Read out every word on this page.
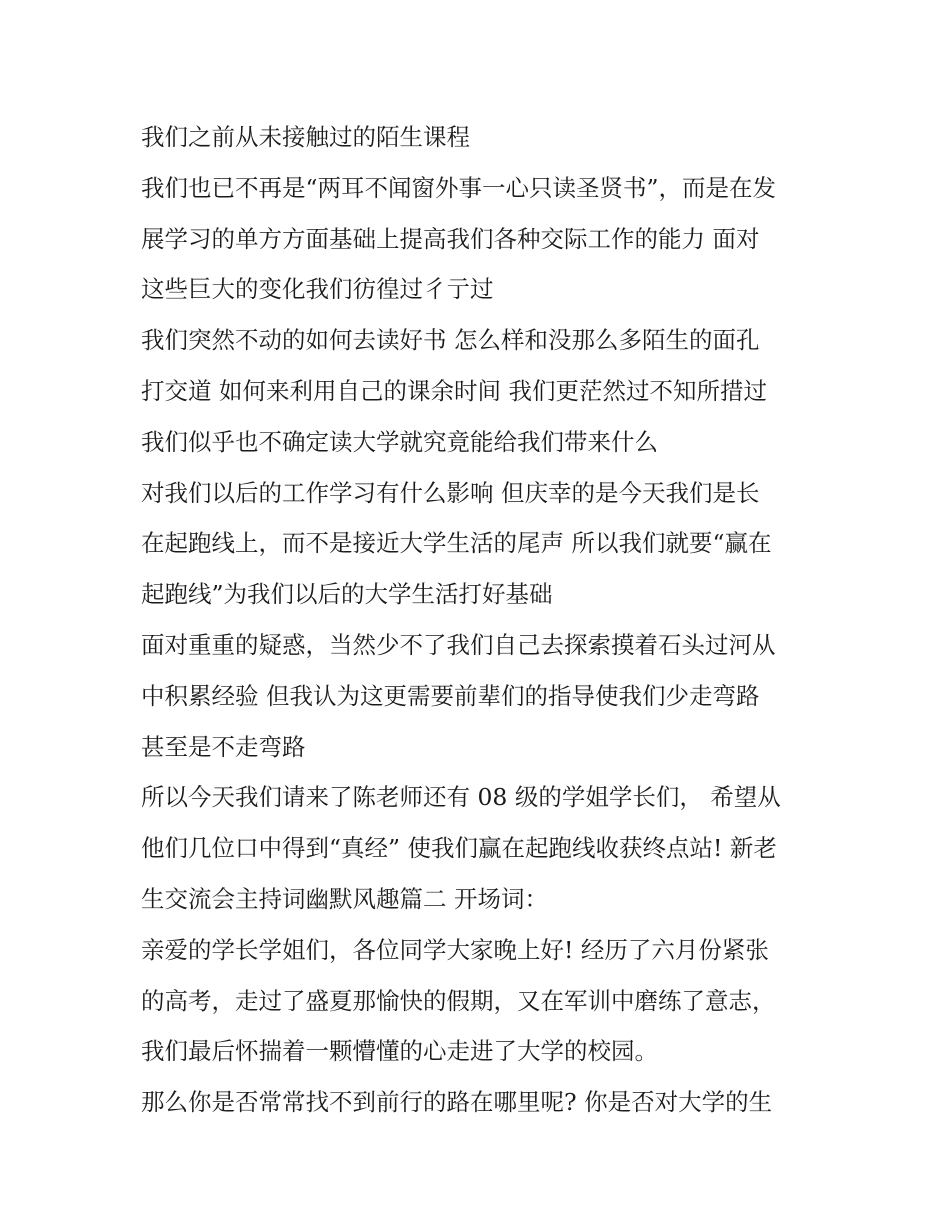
我们之前从未接触过的陌生课程
我们也已不再是“两耳不闻窗外事一心只读圣贤书”，而是在发
展学习的单方方面基础上提高我们各种交际工作的能力 面对
这些巨大的变化我们彷徨过彳亍过
我们突然不动的如何去读好书 怎么样和没那么多陌生的面孔
打交道 如何来利用自己的课余时间 我们更茫然过不知所措过
我们似乎也不确定读大学就究竟能给我们带来什么
对我们以后的工作学习有什么影响 但庆幸的是今天我们是长
在起跑线上，而不是接近大学生活的尾声 所以我们就要“赢在
起跑线”为我们以后的大学生活打好基础
面对重重的疑惑，当然少不了我们自己去探索摸着石头过河从
中积累经验 但我认为这更需要前辈们的指导使我们少走弯路
甚至是不走弯路
所以今天我们请来了陈老师还有 08 级的学姐学长们， 希望从
他们几位口中得到“真经” 使我们赢在起跑线收获终点站! 新老
生交流会主持词幽默风趣篇二 开场词：
亲爱的学长学姐们，各位同学大家晚上好! 经历了六月份紧张
的高考，走过了盛夏那愉快的假期，又在军训中磨练了意志，
我们最后怀揣着一颗懵懂的心走进了大学的校园。
那么你是否常常找不到前行的路在哪里呢? 你是否对大学的生
